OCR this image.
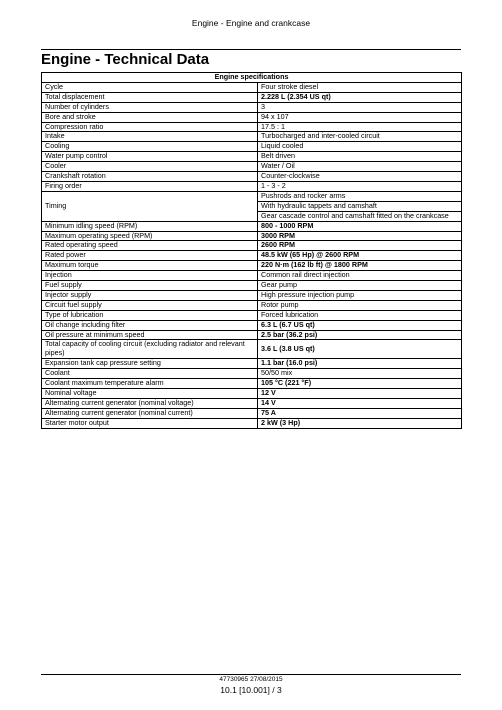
Engine - Engine and crankcase
Engine - Technical Data
Engine specifications	
Cycle	Four stroke diesel
Total displacement	2.228 L (2.354 US qt)
Number of cylinders	3
Bore and stroke	94 x 107
Compression ratio	17.5 : 1
Intake	Turbocharged and inter-cooled circuit
Cooling	Liquid cooled
Water pump control	Belt driven
Cooler	Water / Oil
Crankshaft rotation	Counter-clockwise
Firing order	1 - 3 - 2
Timing	Pushrods and rocker arms
	With hydraulic tappets and camshaft
	Gear cascade control and camshaft fitted on the crankcase
Minimum idling speed (RPM)	800 - 1000 RPM
Maximum operating speed (RPM)	3000 RPM
Rated operating speed	2600 RPM
Rated power	48.5 kW (65 Hp) @ 2600 RPM
Maximum torque	220 N·m (162 lb ft) @ 1800 RPM
Injection	Common rail direct injection
Fuel supply	Gear pump
Injector supply	High pressure injection pump
Circuit fuel supply	Rotor pump
Type of lubrication	Forced lubrication
Oil change including filter	6.3 L (6.7 US qt)
Oil pressure at minimum speed	2.5 bar (36.2 psi)
Total capacity of cooling circuit (excluding radiator and relevant pipes)	3.6 L (3.8 US qt)
Expansion tank cap pressure setting	1.1 bar (16.0 psi)
Coolant	50/50 mix
Coolant maximum temperature alarm	105 °C (221 °F)
Nominal voltage	12 V
Alternating current generator (nominal voltage)	14 V
Alternating current generator (nominal current)	75 A
Starter motor output	2 kW (3 Hp)
47730965 27/08/2015
10.1 [10.001] / 3
